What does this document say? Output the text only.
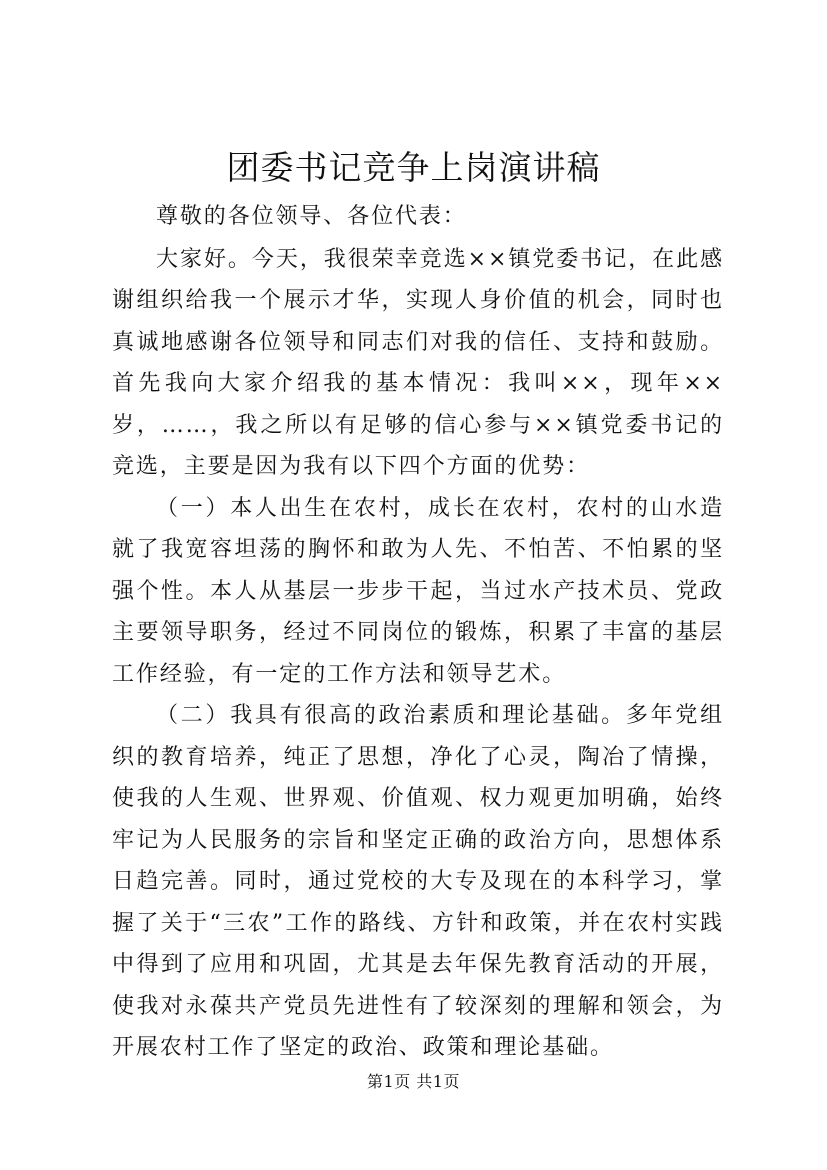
团委书记竞争上岗演讲稿

尊敬的各位领导、各位代表：

大家好。今天，我很荣幸竞选××镇党委书记，在此感谢组织给我一个展示才华，实现人身价值的机会，同时也真诚地感谢各位领导和同志们对我的信任、支持和鼓励。首先我向大家介绍我的基本情况：我叫××，现年××岁，……，我之所以有足够的信心参与××镇党委书记的竞选，主要是因为我有以下四个方面的优势：

（一）本人出生在农村，成长在农村，农村的山水造就了我宽容坦荡的胸怀和敢为人先、不怕苦、不怕累的坚强个性。本人从基层一步步干起，当过水产技术员、党政主要领导职务，经过不同岗位的锻炼，积累了丰富的基层工作经验，有一定的工作方法和领导艺术。

（二）我具有很高的政治素质和理论基础。多年党组织的教育培养，纯正了思想，净化了心灵，陶冶了情操，使我的人生观、世界观、价值观、权力观更加明确，始终牢记为人民服务的宗旨和坚定正确的政治方向，思想体系日趋完善。同时，通过党校的大专及现在的本科学习，掌握了关于“三农”工作的路线、方针和政策，并在农村实践中得到了应用和巩固，尤其是去年保先教育活动的开展，使我对永葆共产党员先进性有了较深刻的理解和领会，为开展农村工作了坚定的政治、政策和理论基础。

第1页 共1页
